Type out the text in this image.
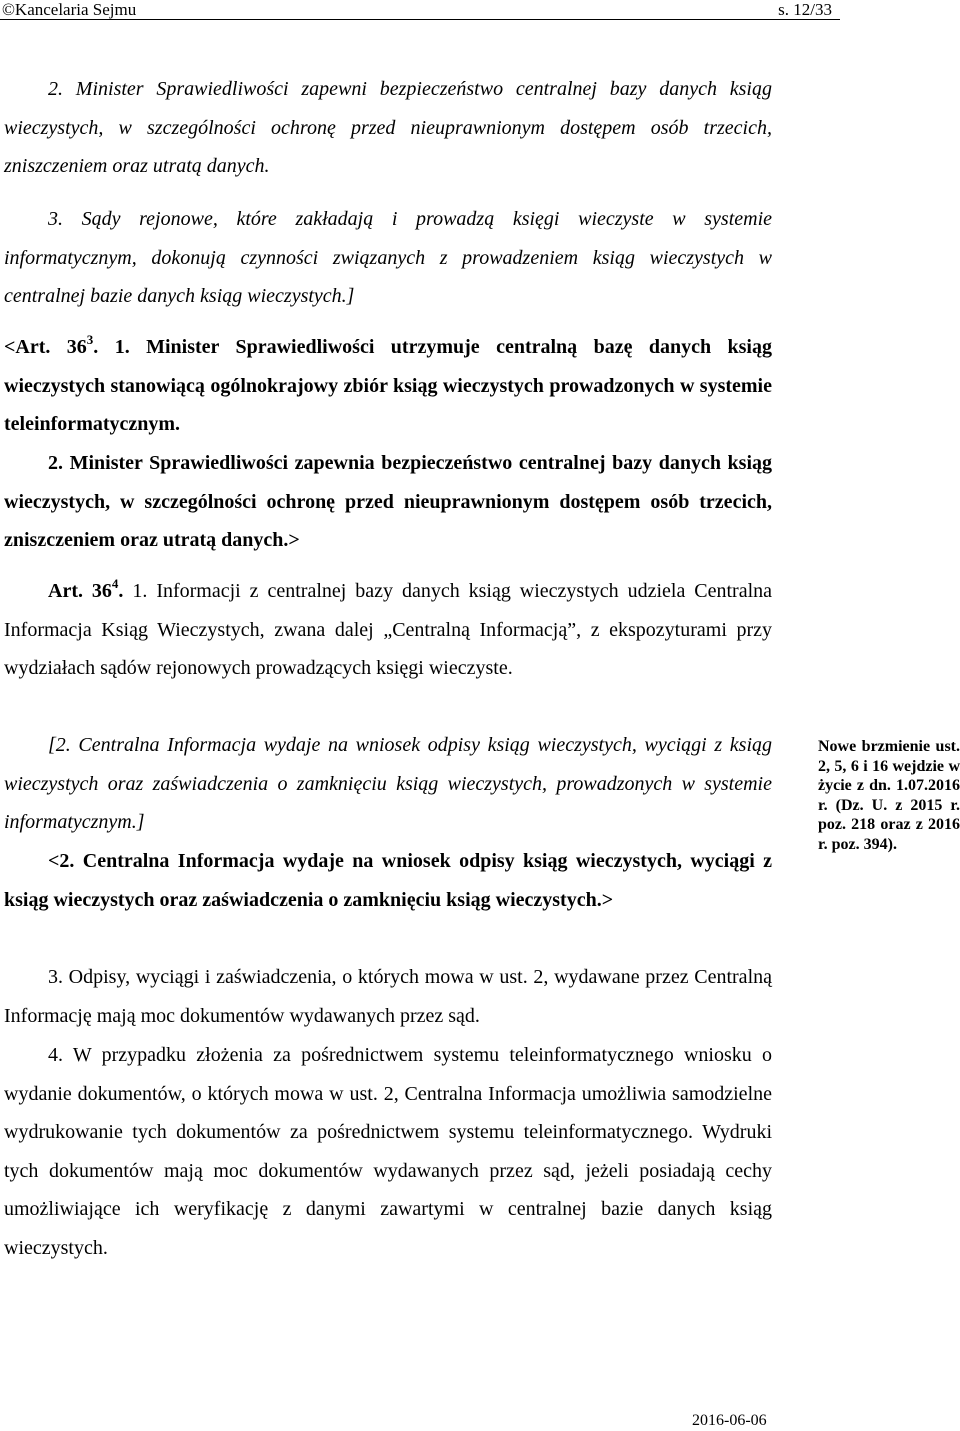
©Kancelaria Sejmu	s. 12/33
2. Minister Sprawiedliwości zapewni bezpieczeństwo centralnej bazy danych ksiąg wieczystych, w szczególności ochronę przed nieuprawnionym dostępem osób trzecich, zniszczeniem oraz utratą danych.
3. Sądy rejonowe, które zakładają i prowadzą księgi wieczyste w systemie informatycznym, dokonują czynności związanych z prowadzeniem ksiąg wieczystych w centralnej bazie danych ksiąg wieczystych.]
<Art. $36^3$. 1. Minister Sprawiedliwości utrzymuje centralną bazę danych ksiąg wieczystych stanowiącą ogólnokrajowy zbiór ksiąg wieczystych prowadzonych w systemie teleinformatycznym.
2. Minister Sprawiedliwości zapewnia bezpieczeństwo centralnej bazy danych ksiąg wieczystych, w szczególności ochronę przed nieuprawnionym dostępem osób trzecich, zniszczeniem oraz utratą danych.>
Art. $36^4$. 1. Informacji z centralnej bazy danych ksiąg wieczystych udziela Centralna Informacja Ksiąg Wieczystych, zwana dalej „Centralną Informacją”, z ekspozyturami przy wydziałach sądów rejonowych prowadzących księgi wieczyste.
[2. Centralna Informacja wydaje na wniosek odpisy ksiąg wieczystych, wyciągi z ksiąg wieczystych oraz zaświadczenia o zamknięciu ksiąg wieczystych, prowadzonych w systemie informatycznym.]
<2. Centralna Informacja wydaje na wniosek odpisy ksiąg wieczystych, wyciągi z ksiąg wieczystych oraz zaświadczenia o zamknięciu ksiąg wieczystych.>
3. Odpisy, wyciągi i zaświadczenia, o których mowa w ust. 2, wydawane przez Centralną Informację mają moc dokumentów wydawanych przez sąd.
4. W przypadku złożenia za pośrednictwem systemu teleinformatycznego wniosku o wydanie dokumentów, o których mowa w ust. 2, Centralna Informacja umożliwia samodzielne wydrukowanie tych dokumentów za pośrednictwem systemu teleinformatycznego. Wydruki tych dokumentów mają moc dokumentów wydawanych przez sąd, jeżeli posiadają cechy umożliwiające ich weryfikację z danymi zawartymi w centralnej bazie danych ksiąg wieczystych.
Nowe brzmienie ust. 2, 5, 6 i 16 wejdzie w życie z dn. 1.07.2016 r. (Dz. U. z 2015 r. poz. 218 oraz z 2016 r. poz. 394).
2016-06-06
